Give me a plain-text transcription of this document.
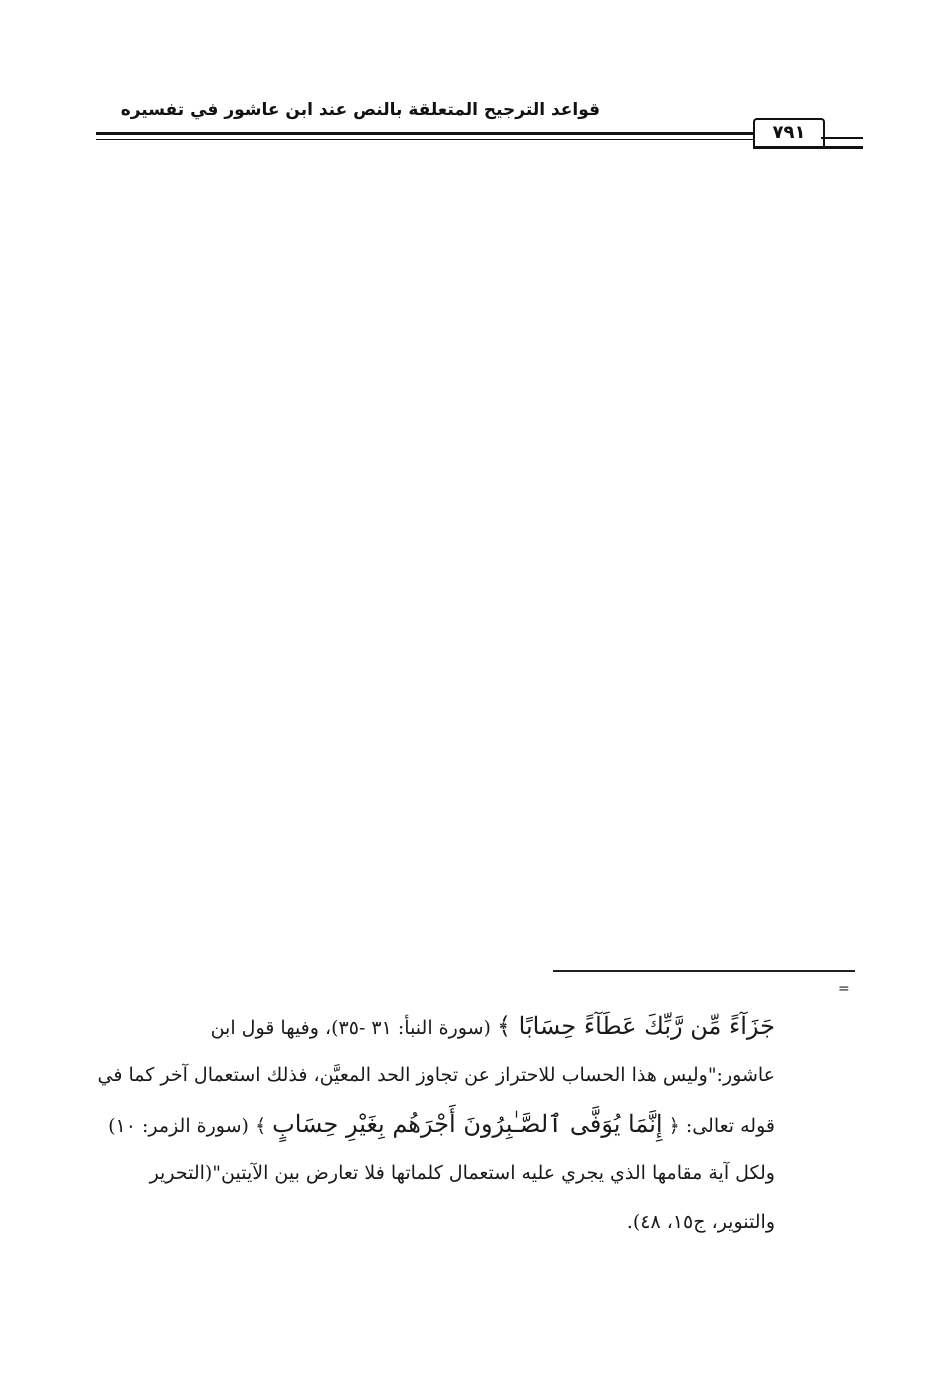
قواعد الترجيح المتعلقة بالنص عند ابن عاشور في تفسيره
٧٩١
=
جَزَآءً مِّن رَّبِّكَ عَطَآءً حِسَابًا ﴾ (سورة النبأ: ٣١ -٣٥)، وفيها قول ابن
عاشور:"وليس هذا الحساب للاحتراز عن تجاوز الحد المعيَّن، فذلك استعمال آخر كما في
قوله تعالى: ﴿ إِنَّمَا يُوَفَّى ٱلصَّـٰبِرُونَ أَجْرَهُم بِغَيْرِ حِسَابٍ ﴾ (سورة الزمر: ١٠)
ولكل آية مقامها الذي يجري عليه استعمال كلماتها فلا تعارض بين الآيتين"(التحرير
والتنوير، ج١٥، ٤٨).
